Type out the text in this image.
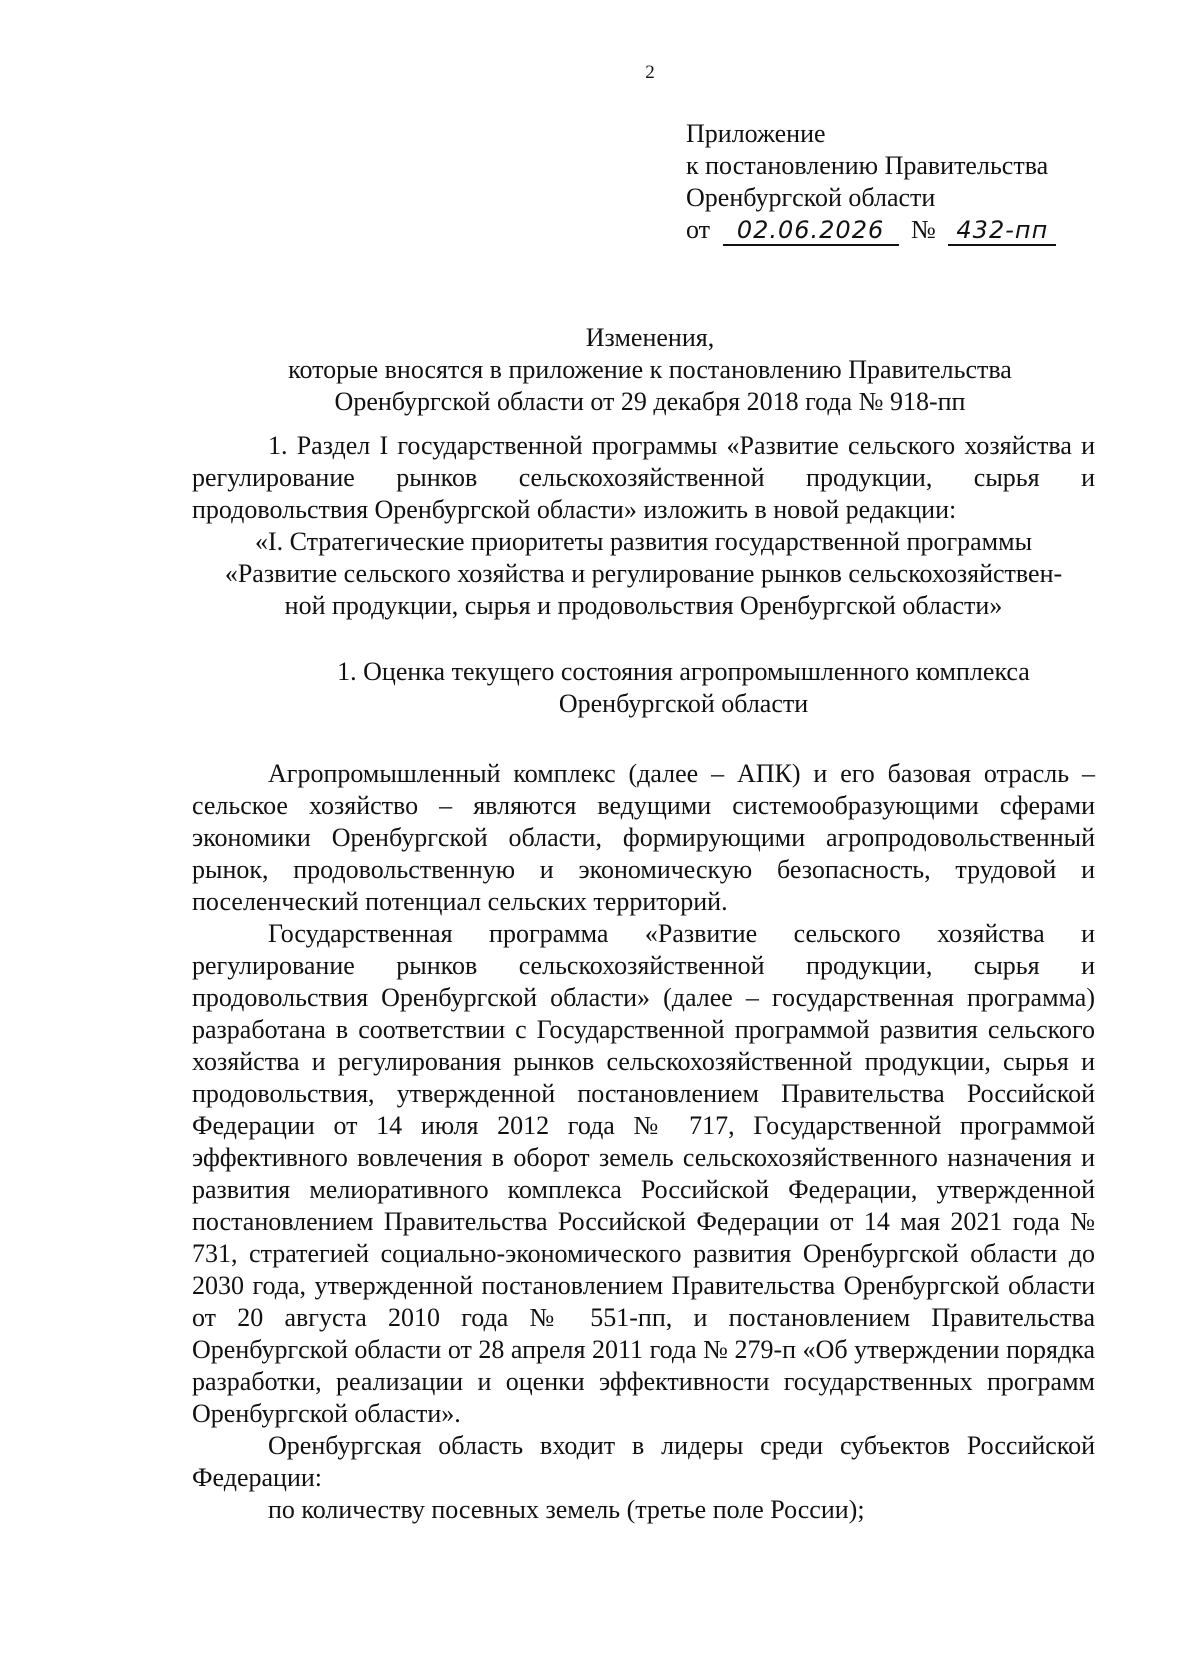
2
Приложение
к постановлению Правительства
Оренбургской области
от 02.06.2026 № 432-пп
Изменения,
которые вносятся в приложение к постановлению Правительства
Оренбургской области от 29 декабря 2018 года № 918-пп

1. Раздел I государственной программы «Развитие сельского хозяйства и регулирование рынков сельскохозяйственной продукции, сырья и продовольствия Оренбургской области» изложить в новой редакции:

«I. Стратегические приоритеты развития государственной программы

«Развитие сельского хозяйства и регулирование рынков сельскохозяйствен-

ной продукции, сырья и продовольствия Оренбургской области»

1. Оценка текущего состояния агропромышленного комплекса

Оренбургской области

Агропромышленный комплекс (далее – АПК) и его базовая отрасль – сельское хозяйство – являются ведущими системообразующими сферами экономики Оренбургской области, формирующими агропродовольственный рынок, продовольственную и экономическую безопасность, трудовой и поселенческий потенциал сельских территорий.

Государственная программа «Развитие сельского хозяйства и регулирование рынков сельскохозяйственной продукции, сырья и продовольствия Оренбургской области» (далее – государственная программа) разработана в соответствии с Государственной программой развития сельского хозяйства и регулирования рынков сельскохозяйственной продукции, сырья и продовольствия, утвержденной постановлением Правительства Российской Федерации от 14 июля 2012 года № 717, Государственной программой эффективного вовлечения в оборот земель сельскохозяйственного назначения и развития мелиоративного комплекса Российской Федерации, утвержденной постановлением Правительства Российской Федерации от 14 мая 2021 года № 731, стратегией социально-экономического развития Оренбургской области до 2030 года, утвержденной постановлением Правительства Оренбургской области от 20 августа 2010 года № 551-пп, и постановлением Правительства Оренбургской области от 28 апреля 2011 года № 279-п «Об утверждении порядка разработки, реализации и оценки эффективности государственных программ Оренбургской области».

Оренбургская область входит в лидеры среди субъектов Российской Федерации:

по количеству посевных земель (третье поле России);
